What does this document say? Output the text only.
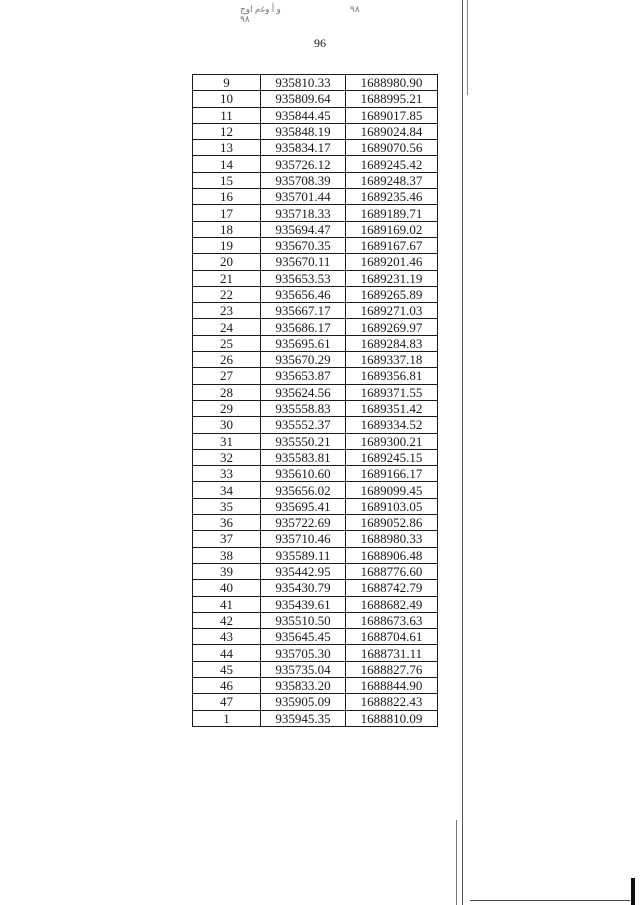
ﻭ ﺃ ﻭﻏﻡ ﺍﻭﺝ
٩٨
٩٨
96
9	935810.33	1688980.90
10	935809.64	1688995.21
11	935844.45	1689017.85
12	935848.19	1689024.84
13	935834.17	1689070.56
14	935726.12	1689245.42
15	935708.39	1689248.37
16	935701.44	1689235.46
17	935718.33	1689189.71
18	935694.47	1689169.02
19	935670.35	1689167.67
20	935670.11	1689201.46
21	935653.53	1689231.19
22	935656.46	1689265.89
23	935667.17	1689271.03
24	935686.17	1689269.97
25	935695.61	1689284.83
26	935670.29	1689337.18
27	935653.87	1689356.81
28	935624.56	1689371.55
29	935558.83	1689351.42
30	935552.37	1689334.52
31	935550.21	1689300.21
32	935583.81	1689245.15
33	935610.60	1689166.17
34	935656.02	1689099.45
35	935695.41	1689103.05
36	935722.69	1689052.86
37	935710.46	1688980.33
38	935589.11	1688906.48
39	935442.95	1688776.60
40	935430.79	1688742.79
41	935439.61	1688682.49
42	935510.50	1688673.63
43	935645.45	1688704.61
44	935705.30	1688731.11
45	935735.04	1688827.76
46	935833.20	1688844.90
47	935905.09	1688822.43
1	935945.35	1688810.09
